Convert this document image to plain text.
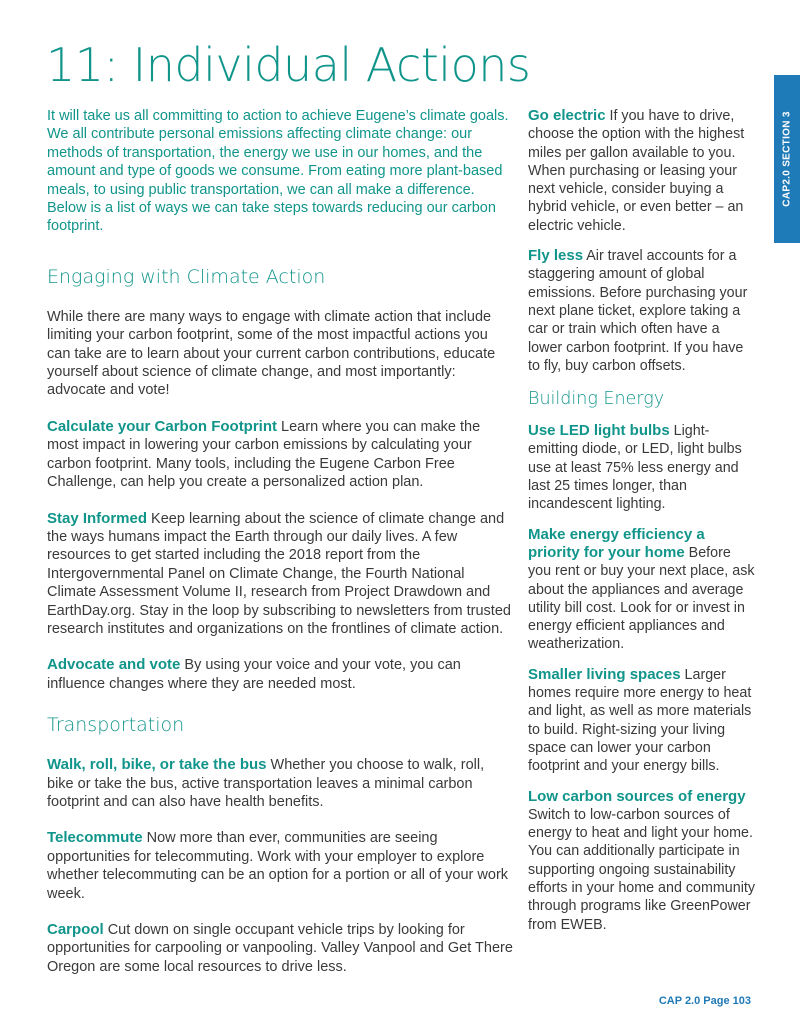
11: Individual Actions
CAP2.0 SECTION 3

It will take us all committing to action to achieve Eugene’s climate goals. We all contribute personal emissions affecting climate change: our methods of transportation, the energy we use in our homes, and the amount and type of goods we consume. From eating more plant-based meals, to using public transportation, we can all make a difference. Below is a list of ways we can take steps towards reducing our carbon footprint.

Engaging with Climate Action

While there are many ways to engage with climate action that include limiting your carbon footprint, some of the most impactful actions you can take are to learn about your current carbon contributions, educate yourself about science of climate change, and most importantly: advocate and vote!

Calculate your Carbon Footprint Learn where you can make the most impact in lowering your carbon emissions by calculating your carbon footprint. Many tools, including the Eugene Carbon Free Challenge, can help you create a personalized action plan.

Stay Informed Keep learning about the science of climate change and the ways humans impact the Earth through our daily lives. A few resources to get started including the 2018 report from the Intergovernmental Panel on Climate Change, the Fourth National Climate Assessment Volume II, research from Project Drawdown and EarthDay.org. Stay in the loop by subscribing to newsletters from trusted research institutes and organizations on the frontlines of climate action.

Advocate and vote By using your voice and your vote, you can influence changes where they are needed most.

Transportation

Walk, roll, bike, or take the bus Whether you choose to walk, roll, bike or take the bus, active transportation leaves a minimal carbon footprint and can also have health benefits.

Telecommute Now more than ever, communities are seeing opportunities for telecommuting. Work with your employer to explore whether telecommuting can be an option for a portion or all of your work week.

Carpool Cut down on single occupant vehicle trips by looking for opportunities for carpooling or vanpooling. Valley Vanpool and Get There Oregon are some local resources to drive less.

Go electric If you have to drive, choose the option with the highest miles per gallon available to you. When purchasing or leasing your next vehicle, consider buying a hybrid vehicle, or even better – an electric vehicle.

Fly less Air travel accounts for a staggering amount of global emissions. Before purchasing your next plane ticket, explore taking a car or train which often have a lower carbon footprint. If you have to fly, buy carbon offsets.

Building Energy

Use LED light bulbs Light-emitting diode, or LED, light bulbs use at least 75% less energy and last 25 times longer, than incandescent lighting.

Make energy efficiency a priority for your home Before you rent or buy your next place, ask about the appliances and average utility bill cost. Look for or invest in energy efficient appliances and weatherization.

Smaller living spaces Larger homes require more energy to heat and light, as well as more materials to build. Right-sizing your living space can lower your carbon footprint and your energy bills.

Low carbon sources of energy Switch to low-carbon sources of energy to heat and light your home. You can additionally participate in supporting ongoing sustainability efforts in your home and community through programs like GreenPower from EWEB.

CAP 2.0 Page 103
